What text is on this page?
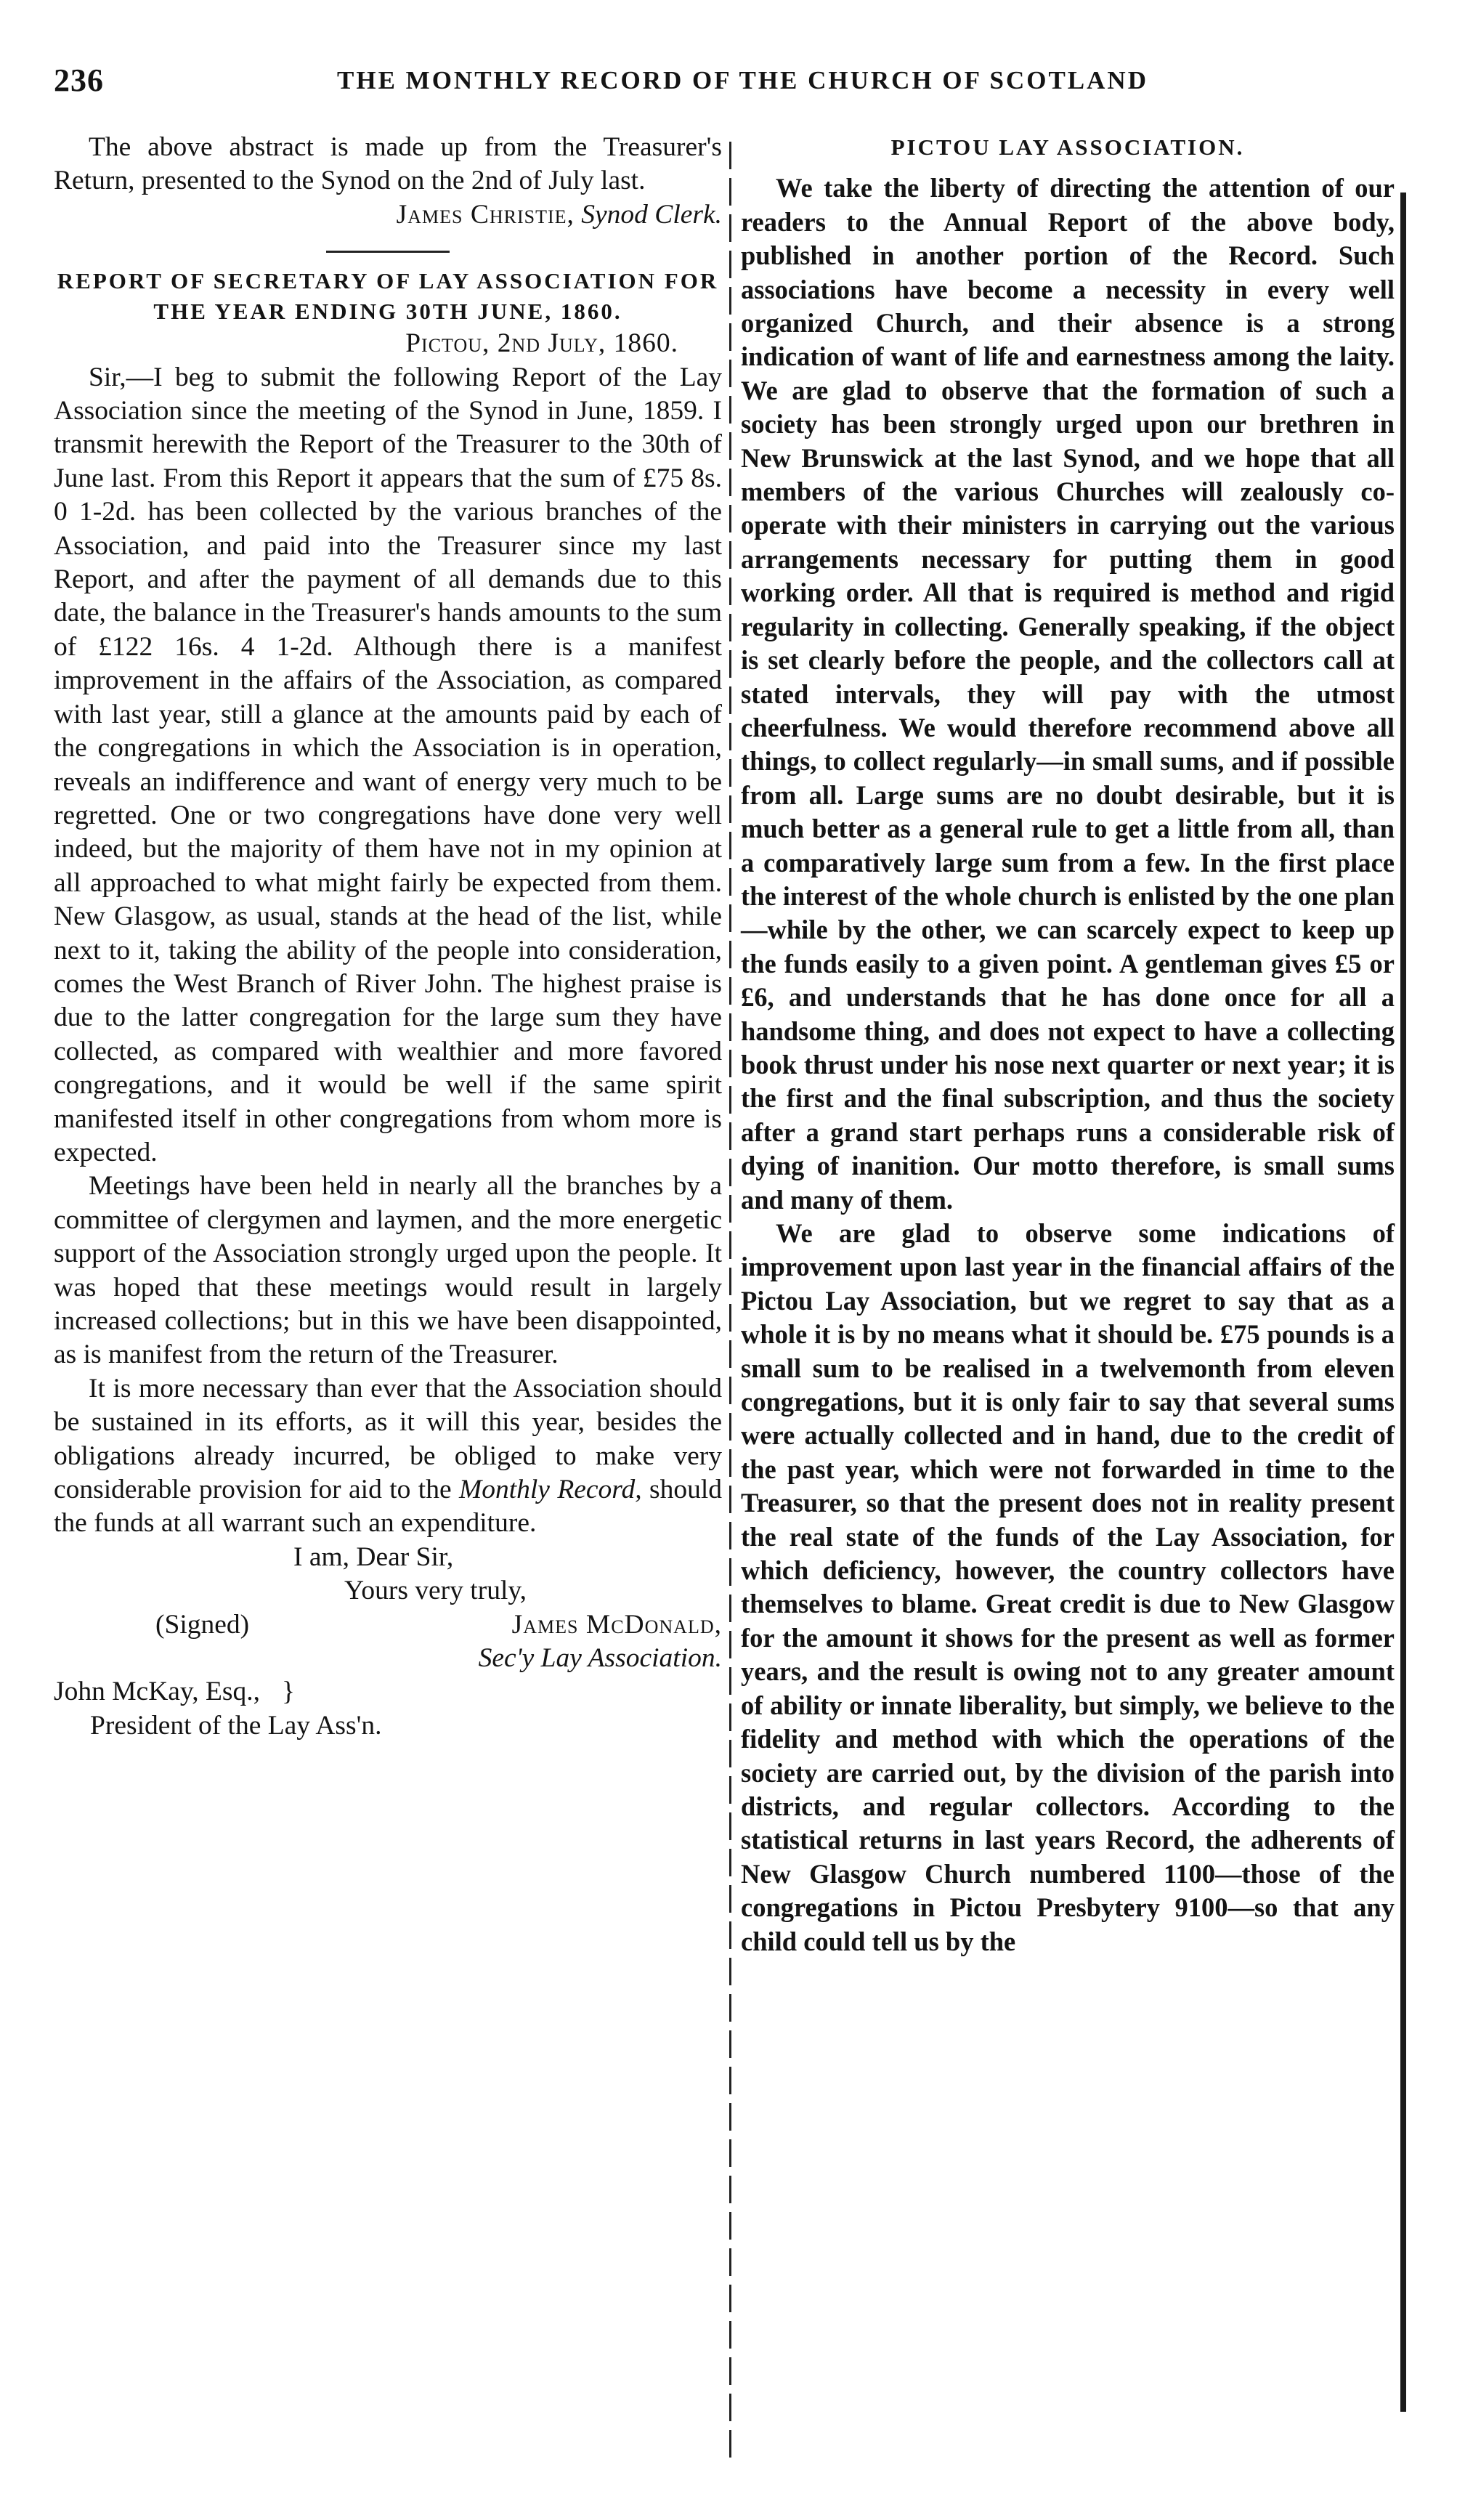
236	THE MONTHLY RECORD OF THE CHURCH OF SCOTLAND

The above abstract is made up from the Treasurer's Return, presented to the Synod on the 2nd of July last.

James Christie, Synod Clerk.

REPORT OF SECRETARY OF LAY ASSOCIATION FOR THE YEAR ENDING 30TH JUNE, 1860.

Pictou, 2nd July, 1860.

Sir,—I beg to submit the following Report of the Lay Association since the meeting of the Synod in June, 1859. I transmit herewith the Report of the Treasurer to the 30th of June last. From this Report it appears that the sum of £75 8s. 0 1-2d. has been collected by the various branches of the Association, and paid into the Treasurer since my last Report, and after the payment of all demands due to this date, the balance in the Treasurer's hands amounts to the sum of £122 16s. 4 1-2d. Although there is a manifest improvement in the affairs of the Association, as compared with last year, still a glance at the amounts paid by each of the congregations in which the Association is in operation, reveals an indifference and want of energy very much to be regretted. One or two congregations have done very well indeed, but the majority of them have not in my opinion at all approached to what might fairly be expected from them. New Glasgow, as usual, stands at the head of the list, while next to it, taking the ability of the people into consideration, comes the West Branch of River John. The highest praise is due to the latter congregation for the large sum they have collected, as compared with wealthier and more favored congregations, and it would be well if the same spirit manifested itself in other congregations from whom more is expected.

Meetings have been held in nearly all the branches by a committee of clergymen and laymen, and the more energetic support of the Association strongly urged upon the people. It was hoped that these meetings would result in largely increased collections; but in this we have been disappointed, as is manifest from the return of the Treasurer.

It is more necessary than ever that the Association should be sustained in its efforts, as it will this year, besides the obligations already incurred, be obliged to make very considerable provision for aid to the Monthly Record, should the funds at all warrant such an expenditure.

I am, Dear Sir,

Yours very truly,

(Signed)	James McDonald,

Sec'y Lay Association.

John McKay, Esq., }

President of the Lay Ass'n.

PICTOU LAY ASSOCIATION.

We take the liberty of directing the attention of our readers to the Annual Report of the above body, published in another portion of the Record. Such associations have become a necessity in every well organized Church, and their absence is a strong indication of want of life and earnestness among the laity. We are glad to observe that the formation of such a society has been strongly urged upon our brethren in New Brunswick at the last Synod, and we hope that all members of the various Churches will zealously co-operate with their ministers in carrying out the various arrangements necessary for putting them in good working order. All that is required is method and rigid regularity in collecting. Generally speaking, if the object is set clearly before the people, and the collectors call at stated intervals, they will pay with the utmost cheerfulness. We would therefore recommend above all things, to collect regularly—in small sums, and if possible from all. Large sums are no doubt desirable, but it is much better as a general rule to get a little from all, than a comparatively large sum from a few. In the first place the interest of the whole church is enlisted by the one plan—while by the other, we can scarcely expect to keep up the funds easily to a given point. A gentleman gives £5 or £6, and understands that he has done once for all a handsome thing, and does not expect to have a collecting book thrust under his nose next quarter or next year; it is the first and the final subscription, and thus the society after a grand start perhaps runs a considerable risk of dying of inanition. Our motto therefore, is small sums and many of them.

We are glad to observe some indications of improvement upon last year in the financial affairs of the Pictou Lay Association, but we regret to say that as a whole it is by no means what it should be. £75 pounds is a small sum to be realised in a twelvemonth from eleven congregations, but it is only fair to say that several sums were actually collected and in hand, due to the credit of the past year, which were not forwarded in time to the Treasurer, so that the present does not in reality present the real state of the funds of the Lay Association, for which deficiency, however, the country collectors have themselves to blame. Great credit is due to New Glasgow for the amount it shows for the present as well as former years, and the result is owing not to any greater amount of ability or innate liberality, but simply, we believe to the fidelity and method with which the operations of the society are carried out, by the division of the parish into districts, and regular collectors. According to the statistical returns in last years Record, the adherents of New Glasgow Church numbered 1100—those of the congregations in Pictou Presbytery 9100—so that any child could tell us by the
